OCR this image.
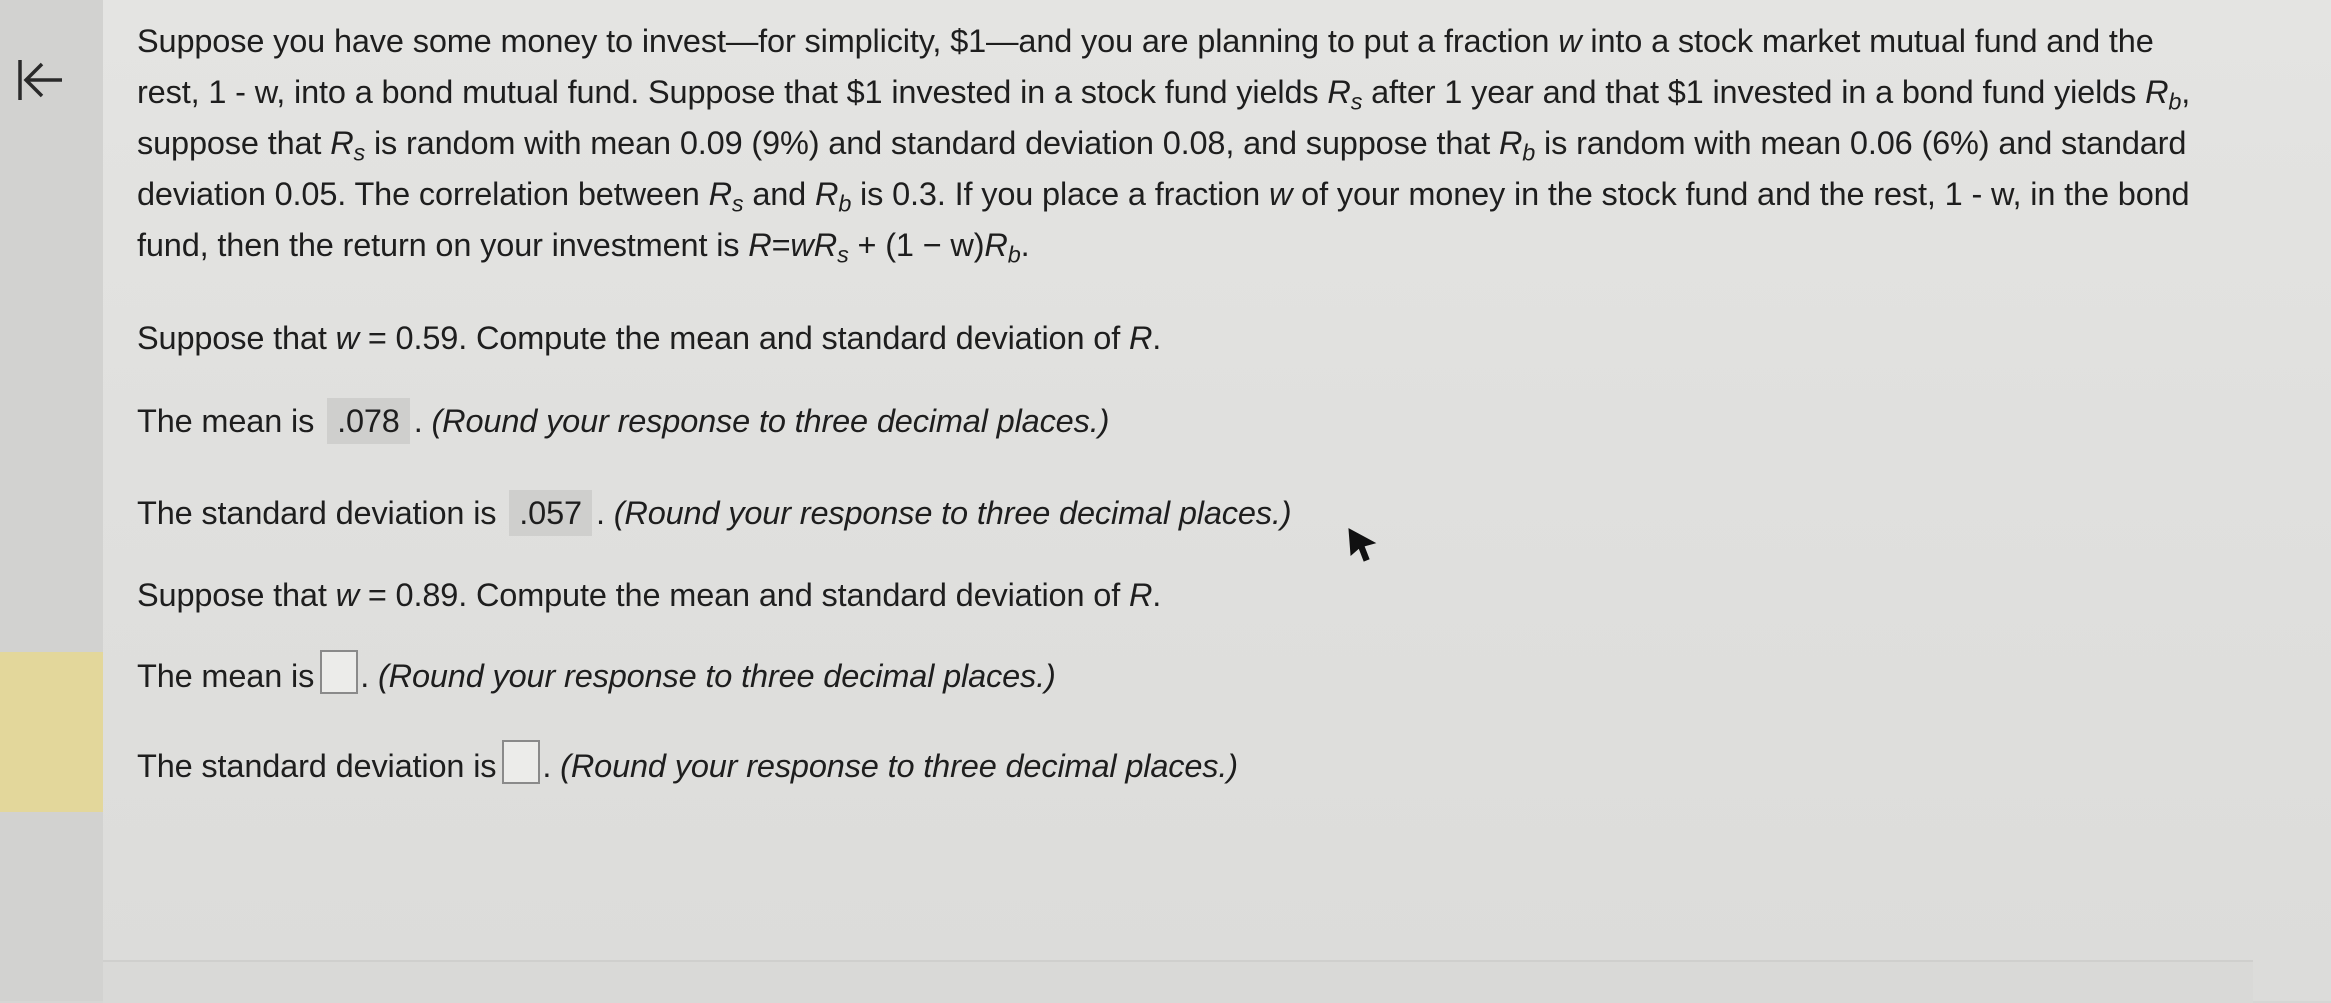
Suppose you have some money to invest—for simplicity, $1—and you are planning to put a fraction w into a stock market mutual fund and the rest, 1 - w, into a bond mutual fund. Suppose that $1 invested in a stock fund yields $R_s$ after 1 year and that $1 invested in a bond fund yields $R_b$, suppose that $R_s$ is random with mean 0.09 (9%) and standard deviation 0.08, and suppose that $R_b$ is random with mean 0.06 (6%) and standard deviation 0.05. The correlation between $R_s$ and $R_b$ is 0.3. If you place a fraction w of your money in the stock fund and the rest, 1 - w, in the bond fund, then the return on your investment is $R=wR_s + (1 - w)R_b$.
Suppose that w = 0.59. Compute the mean and standard deviation of R.
The mean is .078 . (Round your response to three decimal places.)
The standard deviation is .057 . (Round your response to three decimal places.)
Suppose that w = 0.89. Compute the mean and standard deviation of R.
The mean is . (Round your response to three decimal places.)
The standard deviation is . (Round your response to three decimal places.)
